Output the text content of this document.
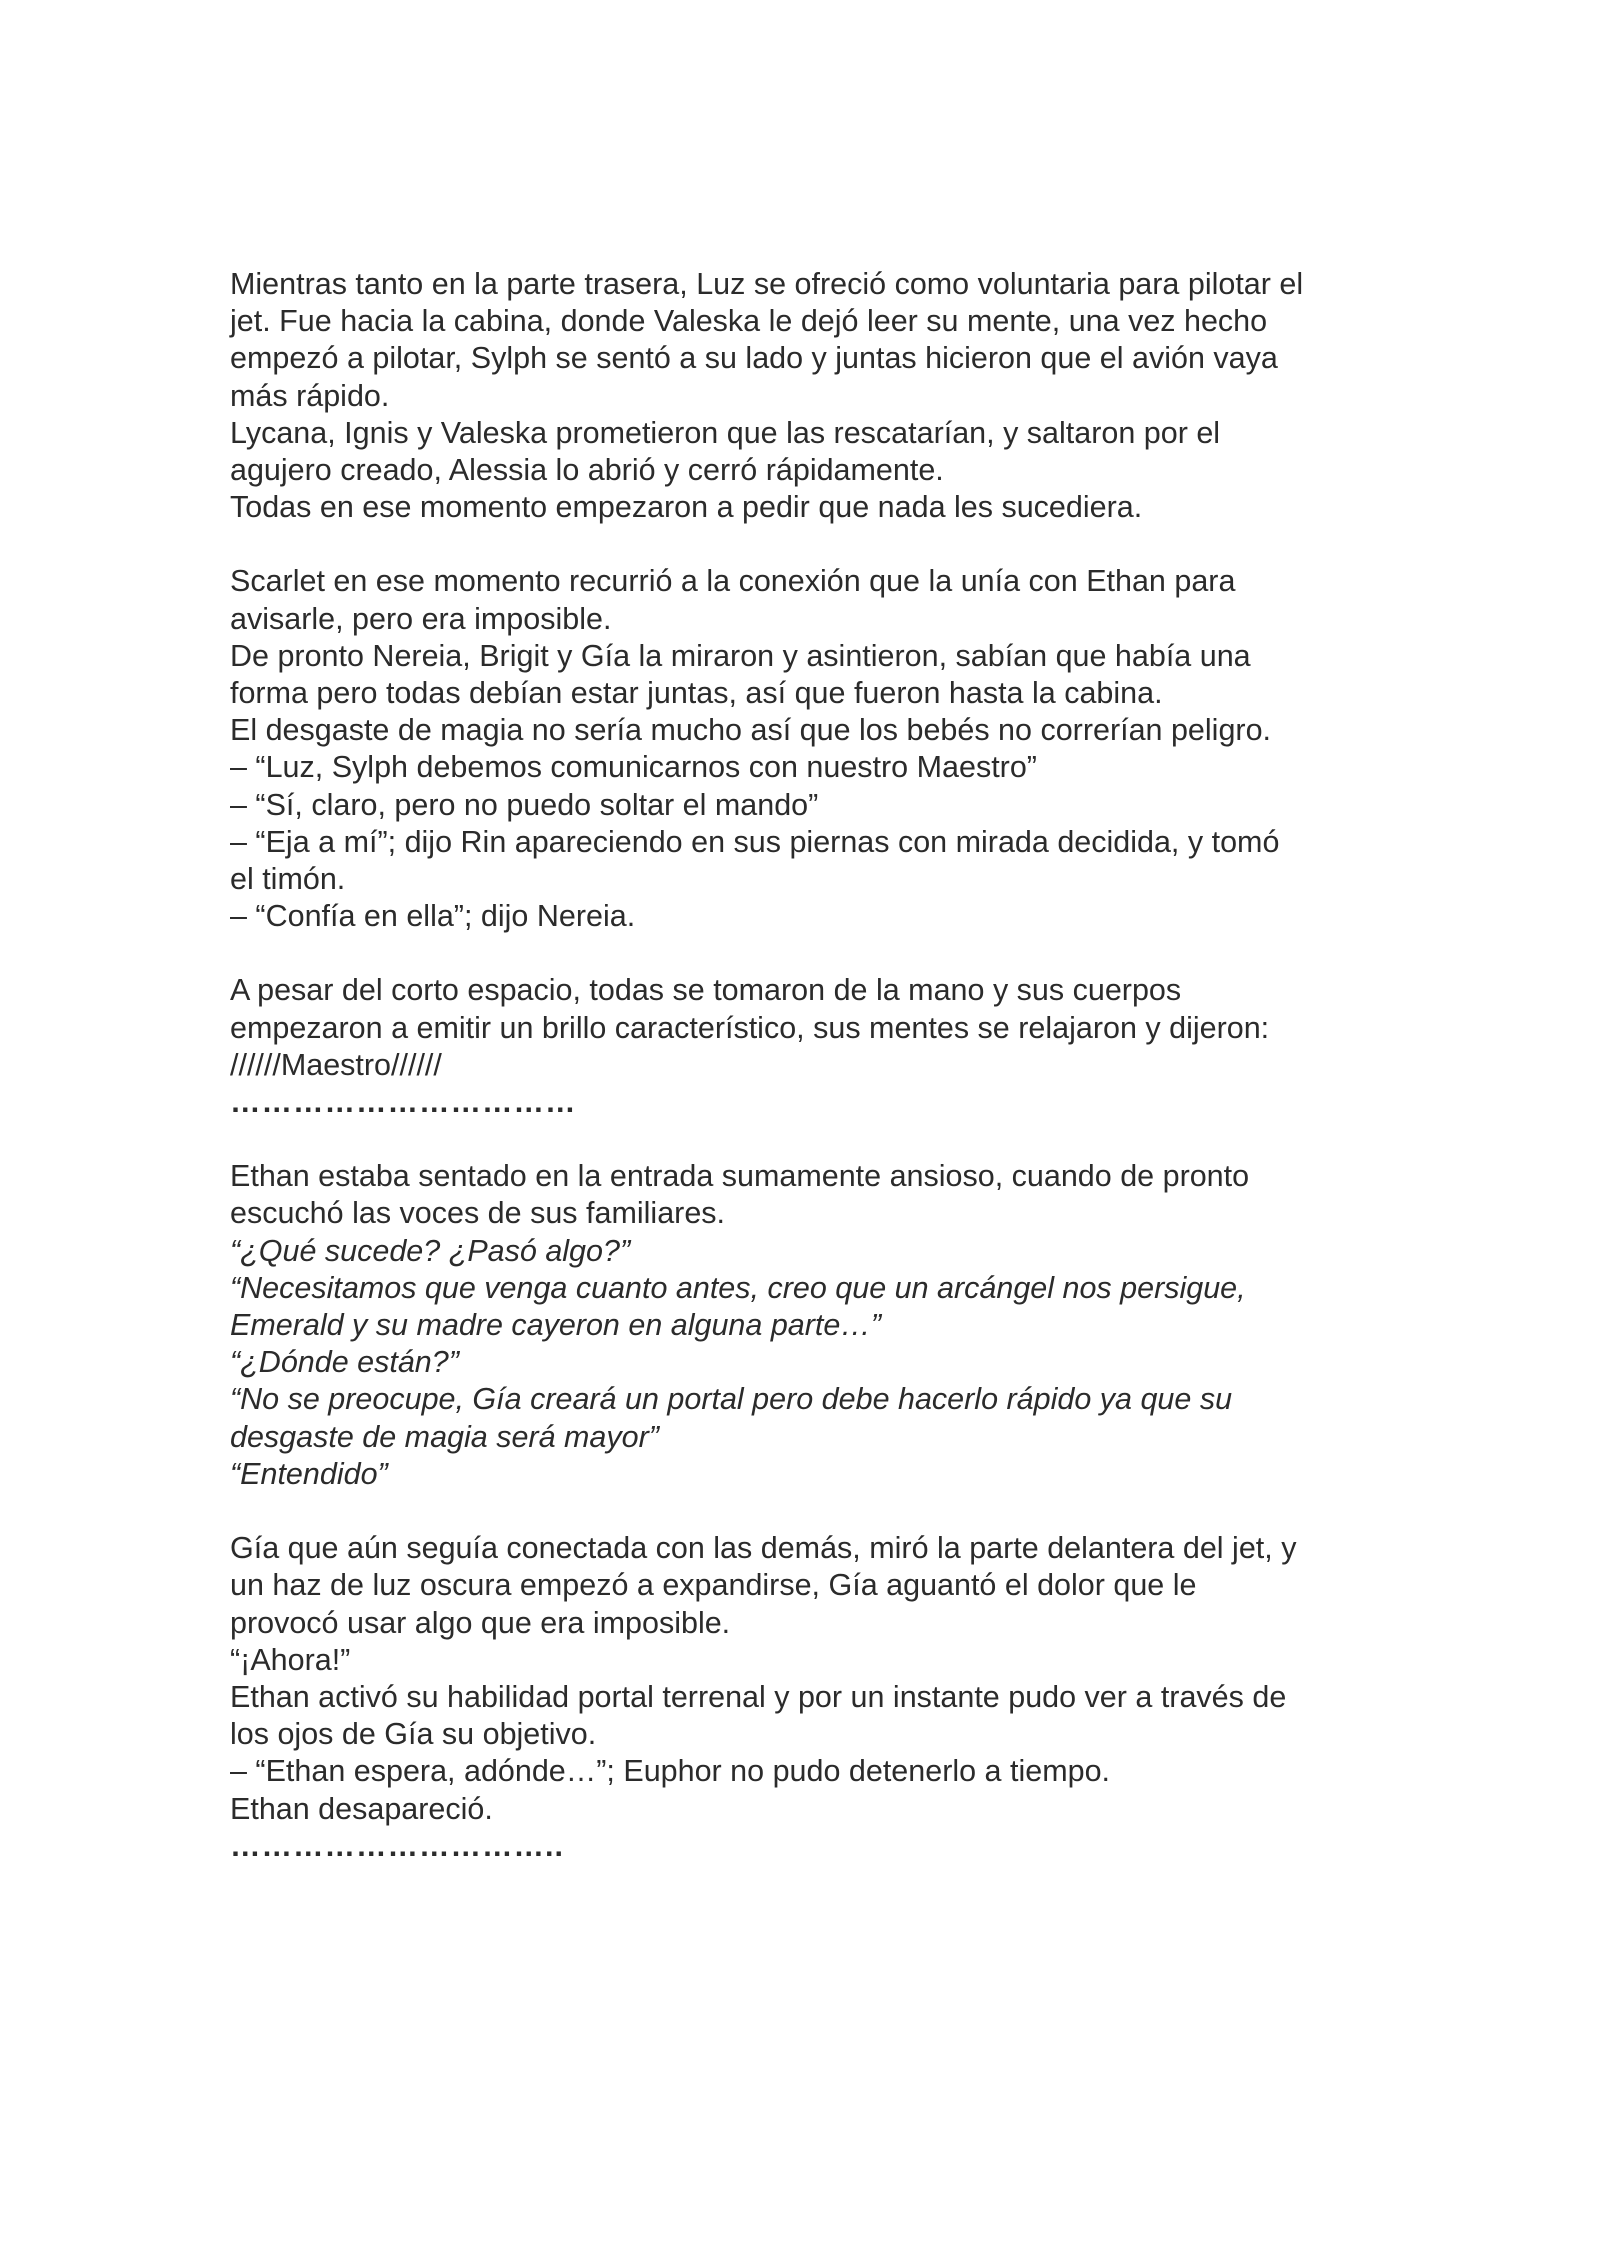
Mientras tanto en la parte trasera, Luz se ofreció como voluntaria para pilotar el

jet. Fue hacia la cabina, donde Valeska le dejó leer su mente, una vez hecho

empezó a pilotar, Sylph se sentó a su lado y juntas hicieron que el avión vaya

más rápido.

Lycana, Ignis y Valeska prometieron que las rescatarían, y saltaron por el

agujero creado, Alessia lo abrió y cerró rápidamente.

Todas en ese momento empezaron a pedir que nada les sucediera.

Scarlet en ese momento recurrió a la conexión que la unía con Ethan para

avisarle, pero era imposible.

De pronto Nereia, Brigit y Gía la miraron y asintieron, sabían que había una

forma pero todas debían estar juntas, así que fueron hasta la cabina.

El desgaste de magia no sería mucho así que los bebés no correrían peligro.

– “Luz, Sylph debemos comunicarnos con nuestro Maestro”

– “Sí, claro, pero no puedo soltar el mando”

– “Eja a mí”; dijo Rin apareciendo en sus piernas con mirada decidida, y tomó

el timón.

– “Confía en ella”; dijo Nereia.

A pesar del corto espacio, todas se tomaron de la mano y sus cuerpos

empezaron a emitir un brillo característico, sus mentes se relajaron y dijeron:

//////Maestro//////

……………………………

Ethan estaba sentado en la entrada sumamente ansioso, cuando de pronto

escuchó las voces de sus familiares.

“¿Qué sucede? ¿Pasó algo?”

“Necesitamos que venga cuanto antes, creo que un arcángel nos persigue,

Emerald y su madre cayeron en alguna parte…”

“¿Dónde están?”

“No se preocupe, Gía creará un portal pero debe hacerlo rápido ya que su

desgaste de magia será mayor”

“Entendido”

Gía que aún seguía conectada con las demás, miró la parte delantera del jet, y

un haz de luz oscura empezó a expandirse, Gía aguantó el dolor que le

provocó usar algo que era imposible.

“¡Ahora!”

Ethan activó su habilidad portal terrenal y por un instante pudo ver a través de

los ojos de Gía su objetivo.

– “Ethan espera, adónde…”; Euphor no pudo detenerlo a tiempo.

Ethan desapareció.

…………………………..
